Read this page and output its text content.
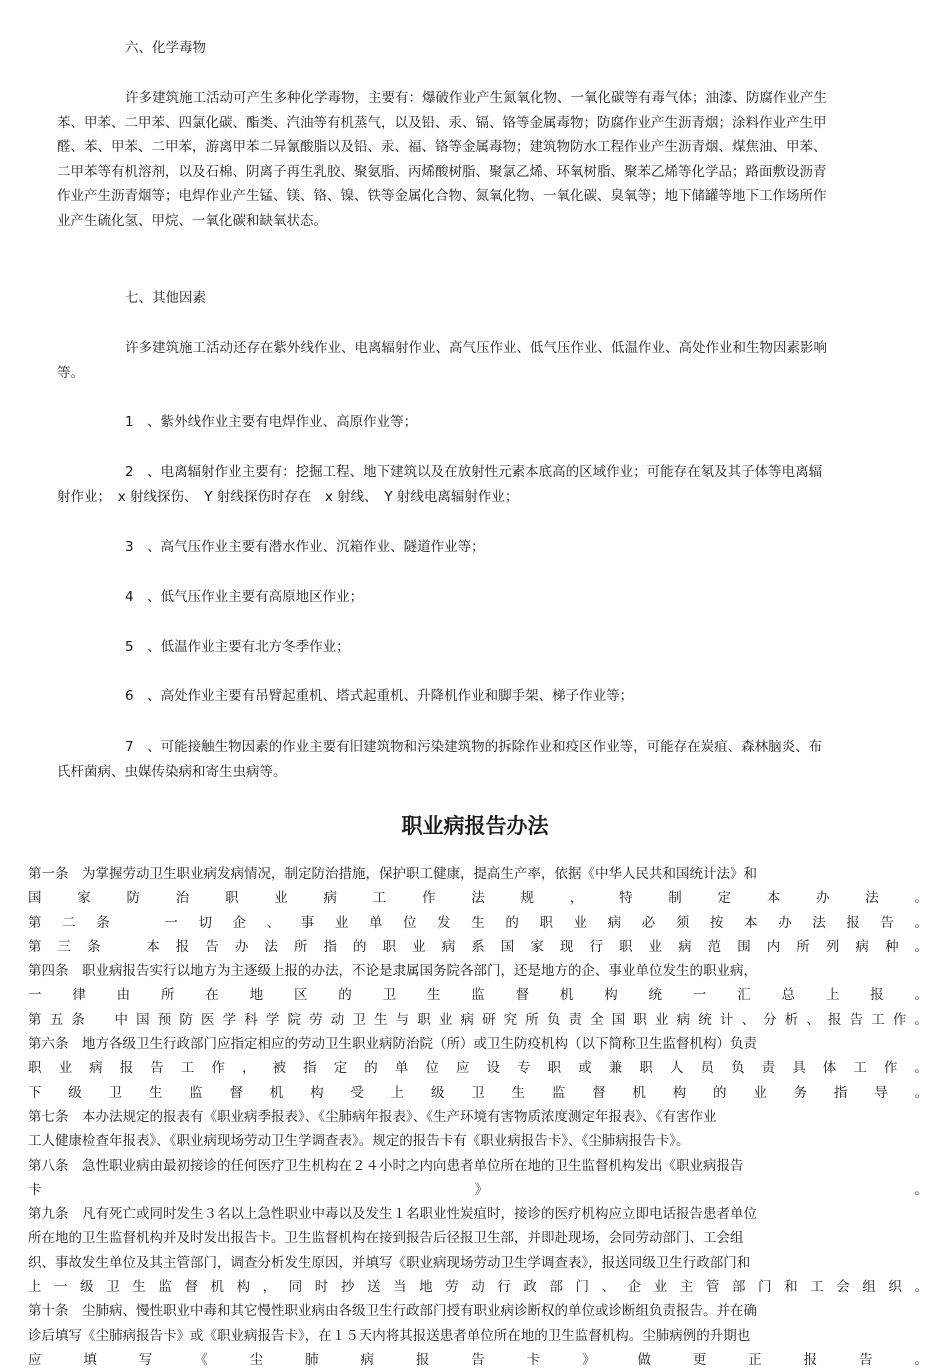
六、化学毒物

许多建筑施工活动可产生多种化学毒物，主要有：爆破作业产生氮氧化物、一氧化碳等有毒气体；油漆、防腐作业产生苯、甲苯、二甲苯、四氯化碳、酯类、汽油等有机蒸气，以及铅、汞、镉、铬等金属毒物；防腐作业产生沥青烟；涂料作业产生甲醛、苯、甲苯、二甲苯，游离甲苯二异氰酸脂以及铅、汞、福、铬等金属毒物；建筑物防水工程作业产生沥青烟、煤焦油、甲苯、二甲苯等有机溶剂，以及石棉、阴离子再生乳胶、聚氨脂、丙烯酸树脂、聚氯乙烯、环氧树脂、聚苯乙烯等化学品；路面敷设沥青作业产生沥青烟等；电焊作业产生锰、镁、铬、镍、铁等金属化合物、氮氧化物、一氧化碳、臭氧等；地下储罐等地下工作场所作业产生硫化氢、甲烷、一氧化碳和缺氧状态。

七、其他因素

许多建筑施工活动还存在紫外线作业、电离辐射作业、高气压作业、低气压作业、低温作业、高处作业和生物因素影响等。

1　、紫外线作业主要有电焊作业、高原作业等；

2　、电离辐射作业主要有：挖掘工程、地下建筑以及在放射性元素本底高的区域作业；可能存在氡及其子体等电离辐射作业；　x 射线探伤、　Y 射线探伤时存在　x 射线、　Y 射线电离辐射作业；

3　、高气压作业主要有潜水作业、沉箱作业、隧道作业等；

4　、低气压作业主要有高原地区作业；

5　、低温作业主要有北方冬季作业；

6　、高处作业主要有吊臂起重机、塔式起重机、升降机作业和脚手架、梯子作业等；

7　、可能接触生物因素的作业主要有旧建筑物和污染建筑物的拆除作业和疫区作业等，可能存在炭疽、森林脑炎、布氏杆菌病、虫媒传染病和寄生虫病等。

职业病报告办法
第一条　为掌握劳动卫生职业病发病情况，制定防治措施，保护职工健康，提高生产率，依据《中华人民共和国统计法》和
国家防治职业病工作法规，特制定本办法。
第二条　一切企、事业单位发生的职业病必须按本办法报告。
第三条　本报告办法所指的职业病系国家现行职业病范围内所列病种。
第四条　职业病报告实行以地方为主逐级上报的办法，不论是隶属国务院各部门，还是地方的企、事业单位发生的职业病，
一律由所在地区的卫生监督机构统一汇总上报。
第五条　中国预防医学科学院劳动卫生与职业病研究所负责全国职业病统计、分析、报告工作。
第六条　地方各级卫生行政部门应指定相应的劳动卫生职业病防治院（所）或卫生防疫机构（以下简称卫生监督机构）负责
职业病报告工作，被指定的单位应设专职或兼职人员负责具体工作。
下级卫生监督机构受上级卫生监督机构的业务指导。
第七条　本办法规定的报表有《职业病季报表》、《尘肺病年报表》、《生产环境有害物质浓度测定年报表》、《有害作业
工人健康检查年报表》、《职业病现场劳动卫生学调查表》。规定的报告卡有《职业病报告卡》、《尘肺病报告卡》。
第八条　急性职业病由最初接诊的任何医疗卫生机构在２４小时之内向患者单位所在地的卫生监督机构发出《职业病报告
卡》。
第九条　凡有死亡或同时发生３名以上急性职业中毒以及发生１名职业性炭疽时，接诊的医疗机构应立即电话报告患者单位
所在地的卫生监督机构并及时发出报告卡。卫生监督机构在接到报告后径报卫生部，并即赴现场，会同劳动部门、工会组
织、事故发生单位及其主管部门，调查分析发生原因，并填写《职业病现场劳动卫生学调查表》，报送同级卫生行政部门和
上一级卫生监督机构，同时抄送当地劳动行政部门、企业主管部门和工会组织。
第十条　尘肺病、慢性职业中毒和其它慢性职业病由各级卫生行政部门授有职业病诊断权的单位或诊断组负责报告。并在确
诊后填写《尘肺病报告卡》或《职业病报告卡》，在１５天内将其报送患者单位所在地的卫生监督机构。尘肺病例的升期也
应填写《尘肺病报告卡》做更正报告。
